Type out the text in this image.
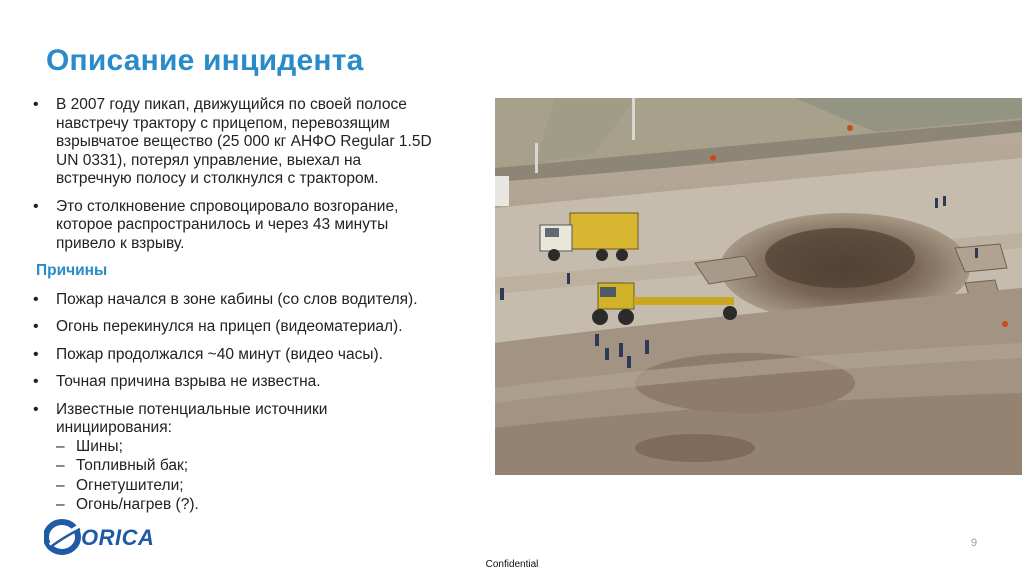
Описание инцидента
• В 2007 году пикап, движущийся по своей полосе
навстречу трактору с прицепом, перевозящим
взрывчатое вещество (25 000 кг АНФО Regular 1.5D
UN 0331), потерял управление, выехал на
встречную полосу и столкнулся с трактором.
• Это столкновение спровоцировало возгорание,
которое распространилось и через 43 минуты
привело к взрыву.
Причины
• Пожар начался в зоне кабины (со слов водителя).
• Огонь перекинулся на прицеп (видеоматериал).
• Пожар продолжался ~40 минут (видео часы).
• Точная причина взрыва не известна.
• Известные потенциальные источники
инициирования:
– Шины;
– Топливный бак;
– Огнетушители;
– Огонь/нагрев (?).
ORICA	9
Confidential
